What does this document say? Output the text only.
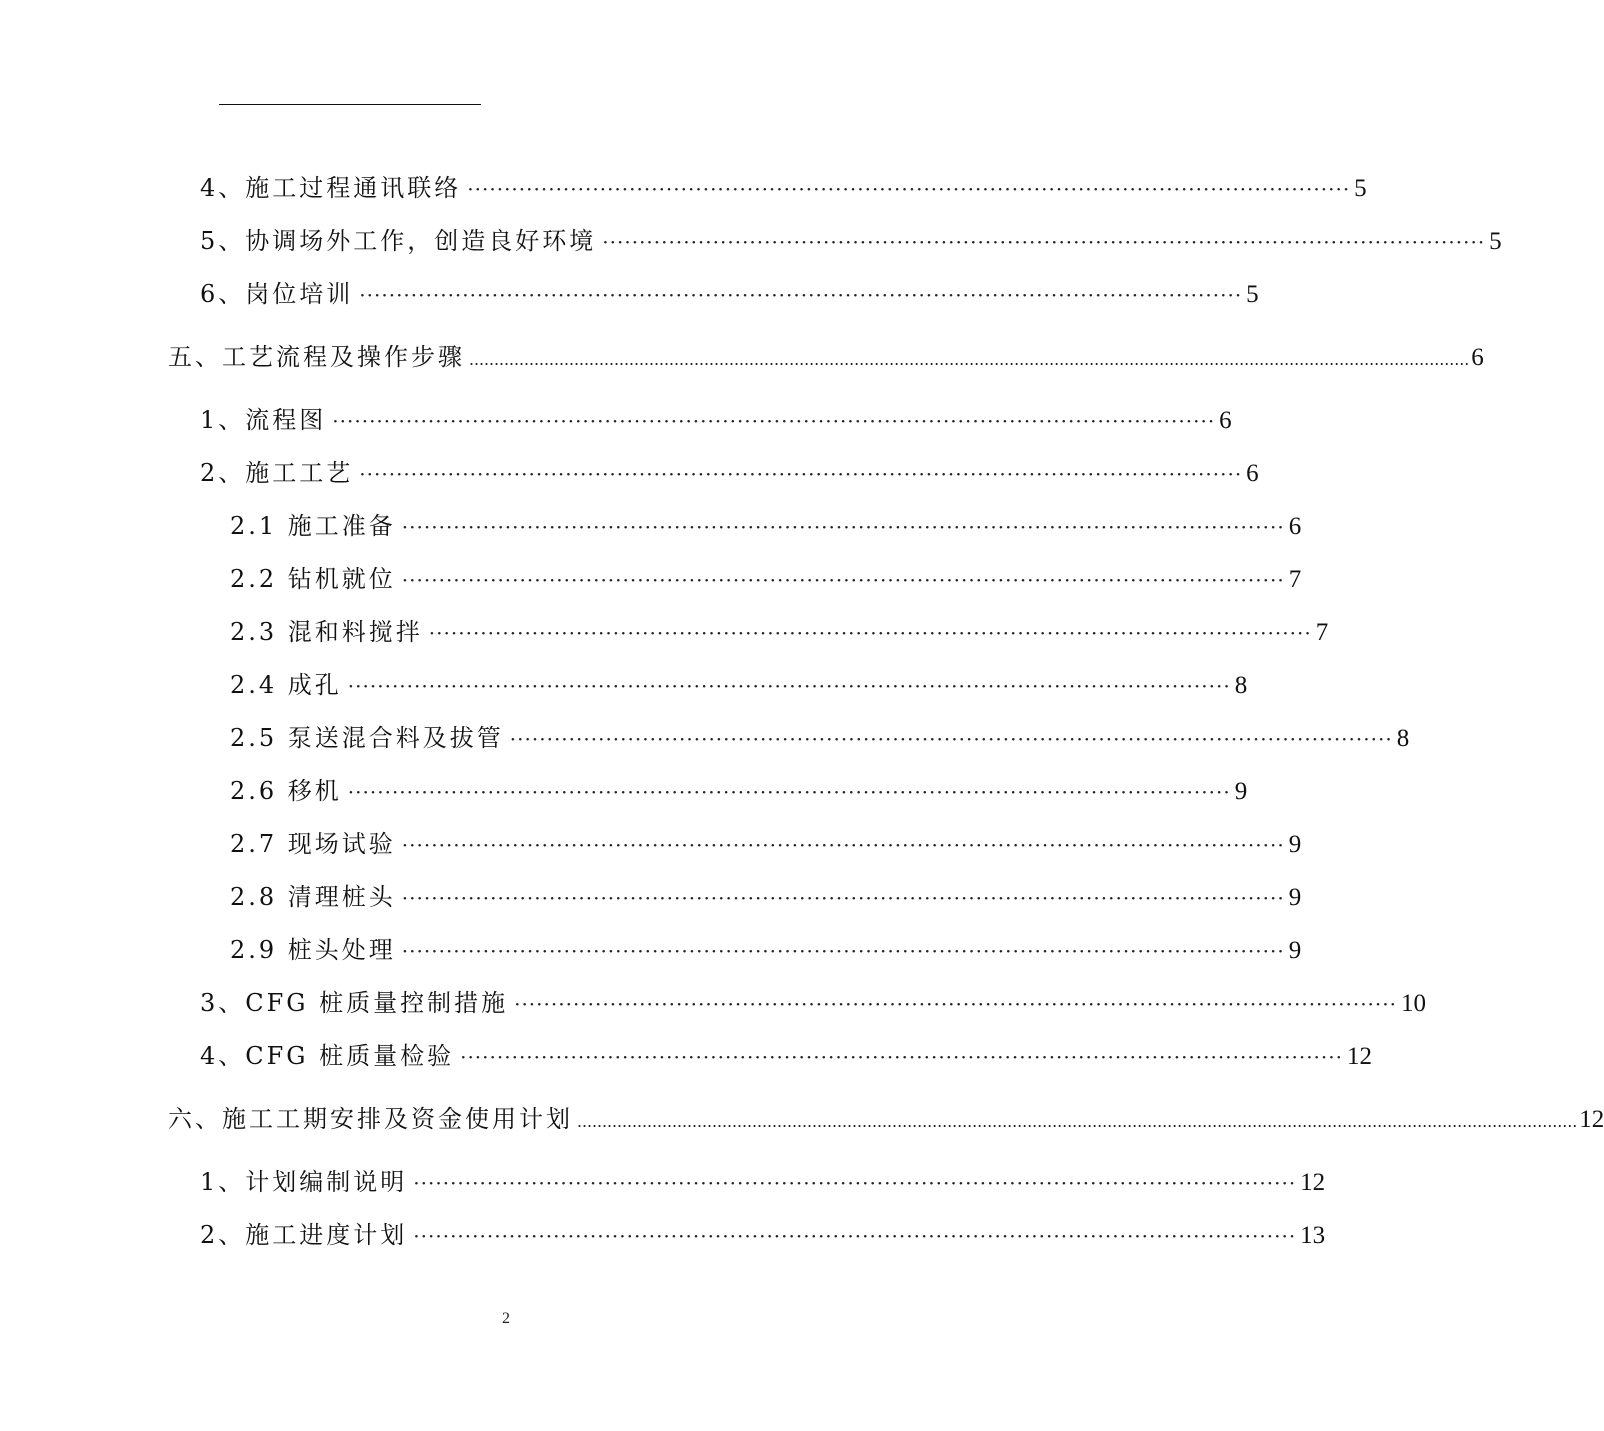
4、施工过程通讯联络 ························································································································ 5
5、协调场外工作，创造良好环境 ························································································································ 5
6、岗位培训 ························································································································ 5
五、工艺流程及操作步骤 ........................................................................................................................................................................................................ 6
1、流程图 ························································································································ 6
2、施工工艺 ························································································································ 6
2.1 施工准备 ························································································································ 6
2.2 钻机就位 ························································································································ 7
2.3 混和料搅拌 ························································································································ 7
2.4 成孔 ························································································································ 8
2.5 泵送混合料及拔管 ························································································································ 8
2.6 移机 ························································································································ 9
2.7 现场试验 ························································································································ 9
2.8 清理桩头 ························································································································ 9
2.9 桩头处理 ························································································································ 9
3、CFG 桩质量控制措施 ························································································································ 10
4、CFG 桩质量检验 ························································································································ 12
六、施工工期安排及资金使用计划 ........................................................................................................................................................................................................ 12
1、计划编制说明 ························································································································ 12
2、施工进度计划 ························································································································ 13
2
